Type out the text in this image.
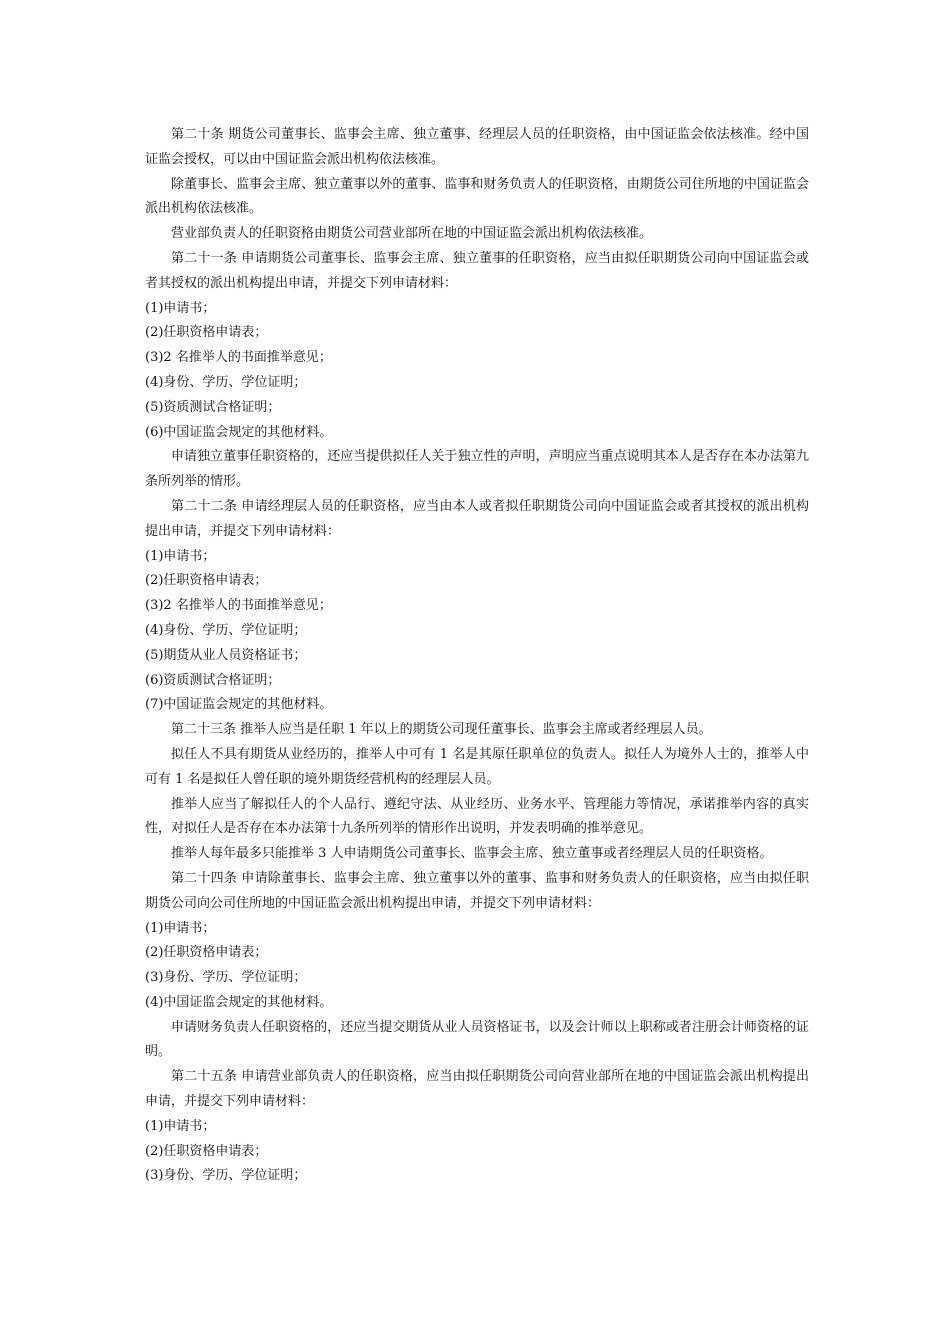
第二十条 期货公司董事长、监事会主席、独立董事、经理层人员的任职资格，由中国证监会依法核准。经中国证监会授权，可以由中国证监会派出机构依法核准。

除董事长、监事会主席、独立董事以外的董事、监事和财务负责人的任职资格，由期货公司住所地的中国证监会派出机构依法核准。

营业部负责人的任职资格由期货公司营业部所在地的中国证监会派出机构依法核准。

第二十一条 申请期货公司董事长、监事会主席、独立董事的任职资格，应当由拟任职期货公司向中国证监会或者其授权的派出机构提出申请，并提交下列申请材料：

(1)申请书；

(2)任职资格申请表；

(3)2 名推举人的书面推举意见；

(4)身份、学历、学位证明；

(5)资质测试合格证明；

(6)中国证监会规定的其他材料。

申请独立董事任职资格的，还应当提供拟任人关于独立性的声明，声明应当重点说明其本人是否存在本办法第九条所列举的情形。

第二十二条 申请经理层人员的任职资格，应当由本人或者拟任职期货公司向中国证监会或者其授权的派出机构提出申请，并提交下列申请材料：

(1)申请书；

(2)任职资格申请表；

(3)2 名推举人的书面推举意见；

(4)身份、学历、学位证明；

(5)期货从业人员资格证书；

(6)资质测试合格证明；

(7)中国证监会规定的其他材料。

第二十三条 推举人应当是任职 1 年以上的期货公司现任董事长、监事会主席或者经理层人员。

拟任人不具有期货从业经历的，推举人中可有 1 名是其原任职单位的负责人。拟任人为境外人士的，推举人中可有 1 名是拟任人曾任职的境外期货经营机构的经理层人员。

推举人应当了解拟任人的个人品行、遵纪守法、从业经历、业务水平、管理能力等情况，承诺推举内容的真实性，对拟任人是否存在本办法第十九条所列举的情形作出说明，并发表明确的推举意见。

推举人每年最多只能推举 3 人申请期货公司董事长、监事会主席、独立董事或者经理层人员的任职资格。

第二十四条 申请除董事长、监事会主席、独立董事以外的董事、监事和财务负责人的任职资格，应当由拟任职期货公司向公司住所地的中国证监会派出机构提出申请，并提交下列申请材料：

(1)申请书；

(2)任职资格申请表；

(3)身份、学历、学位证明；

(4)中国证监会规定的其他材料。

申请财务负责人任职资格的，还应当提交期货从业人员资格证书，以及会计师以上职称或者注册会计师资格的证明。

第二十五条 申请营业部负责人的任职资格，应当由拟任职期货公司向营业部所在地的中国证监会派出机构提出申请，并提交下列申请材料：

(1)申请书；

(2)任职资格申请表；

(3)身份、学历、学位证明；
